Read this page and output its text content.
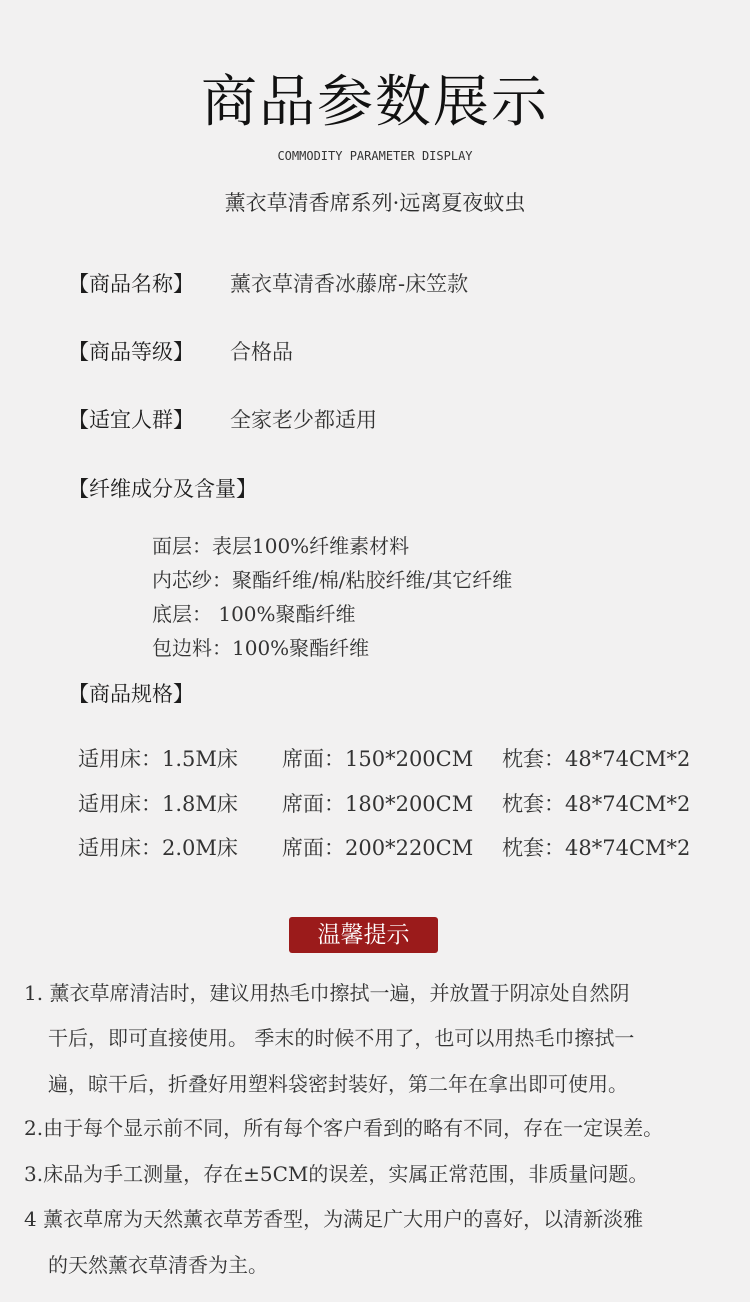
商品参数展示
COMMODITY PARAMETER DISPLAY
薰衣草清香席系列·远离夏夜蚊虫
【商品名称】 薰衣草清香冰藤席-床笠款
【商品等级】 合格品
【适宜人群】 全家老少都适用
【纤维成分及含量】
面层：表层100%纤维素材料
内芯纱：聚酯纤维/棉/粘胶纤维/其它纤维
底层： 100%聚酯纤维
包边料：100%聚酯纤维
【商品规格】
适用床：1.5M床 席面：150*200CM 枕套：48*74CM*2
适用床：1.8M床 席面：180*200CM 枕套：48*74CM*2
适用床：2.0M床 席面：200*220CM 枕套：48*74CM*2
温馨提示
1. 薰衣草席清洁时，建议用热毛巾擦拭一遍，并放置于阴凉处自然阴
干后，即可直接使用。 季末的时候不用了，也可以用热毛巾擦拭一
遍，晾干后，折叠好用塑料袋密封装好，第二年在拿出即可使用。
2.由于每个显示前不同，所有每个客户看到的略有不同，存在一定误差。
3.床品为手工测量，存在±5CM的误差，实属正常范围，非质量问题。
4 薰衣草席为天然薰衣草芳香型，为满足广大用户的喜好，以清新淡雅
的天然薰衣草清香为主。
